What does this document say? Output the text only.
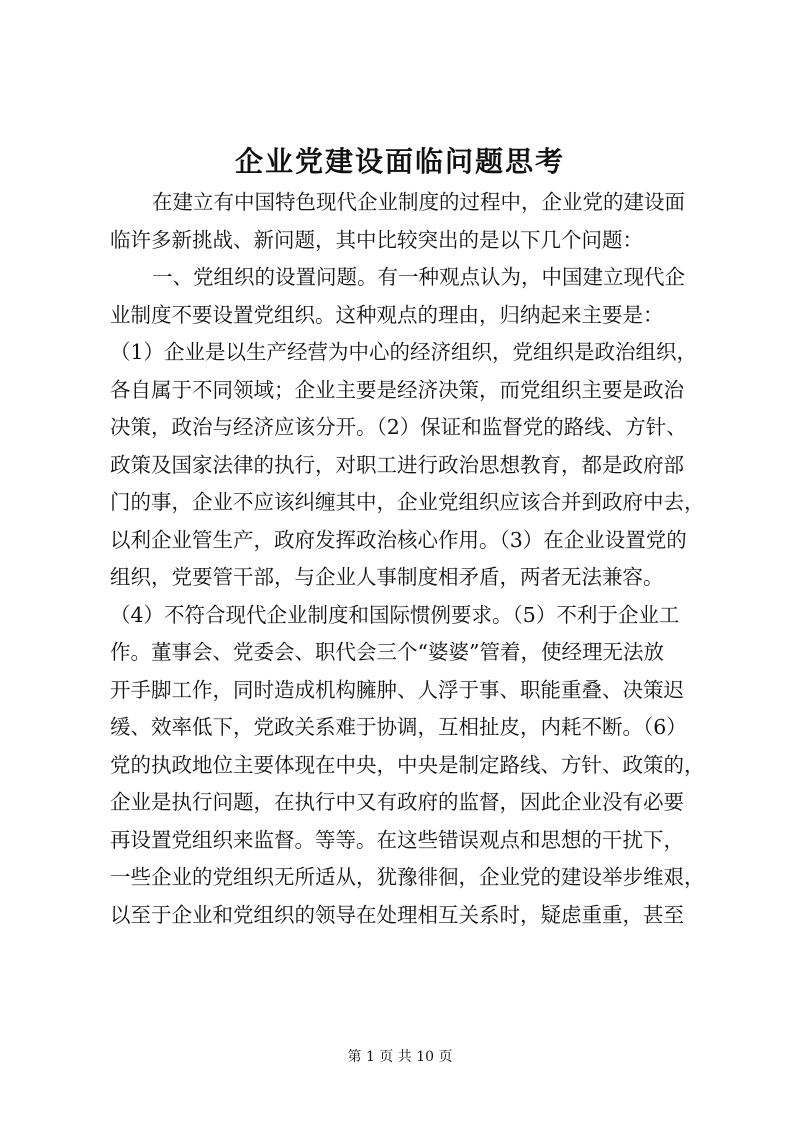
企业党建设面临问题思考
在建立有中国特色现代企业制度的过程中，企业党的建设面
临许多新挑战、新问题，其中比较突出的是以下几个问题：
一、党组织的设置问题。有一种观点认为，中国建立现代企
业制度不要设置党组织。这种观点的理由，归纳起来主要是：
（1）企业是以生产经营为中心的经济组织，党组织是政治组织，
各自属于不同领域；企业主要是经济决策，而党组织主要是政治
决策，政治与经济应该分开。（2）保证和监督党的路线、方针、
政策及国家法律的执行，对职工进行政治思想教育，都是政府部
门的事，企业不应该纠缠其中，企业党组织应该合并到政府中去，
以利企业管生产，政府发挥政治核心作用。（3）在企业设置党的
组织，党要管干部，与企业人事制度相矛盾，两者无法兼容。
（4）不符合现代企业制度和国际惯例要求。（5）不利于企业工
作。董事会、党委会、职代会三个“婆婆”管着，使经理无法放
开手脚工作，同时造成机构臃肿、人浮于事、职能重叠、决策迟
缓、效率低下，党政关系难于协调，互相扯皮，内耗不断。（6）
党的执政地位主要体现在中央，中央是制定路线、方针、政策的，
企业是执行问题，在执行中又有政府的监督，因此企业没有必要
再设置党组织来监督。等等。在这些错误观点和思想的干扰下，
一些企业的党组织无所适从，犹豫徘徊，企业党的建设举步维艰，
以至于企业和党组织的领导在处理相互关系时，疑虑重重，甚至
第 1 页 共 10 页
